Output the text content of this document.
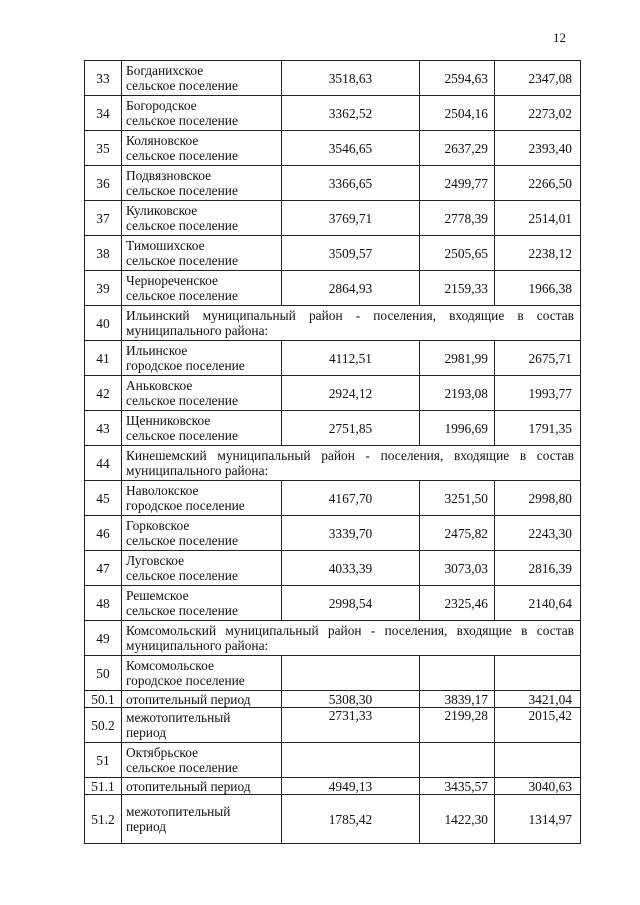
12
33	Богданихское
сельское поселение	3518,63	2594,63	2347,08
34	Богородское
сельское поселение	3362,52	2504,16	2273,02
35	Коляновское
сельское поселение	3546,65	2637,29	2393,40
36	Подвязновское
сельское поселение	3366,65	2499,77	2266,50
37	Куликовское
сельское поселение	3769,71	2778,39	2514,01
38	Тимошихское
сельское поселение	3509,57	2505,65	2238,12
39	Чернореченское
сельское поселение	2864,93	2159,33	1966,38
40	Ильинский муниципальный район - поселения, входящие в состав муниципального района:			
41	Ильинское
городское поселение	4112,51	2981,99	2675,71
42	Аньковское
сельское поселение	2924,12	2193,08	1993,77
43	Щенниковское
сельское поселение	2751,85	1996,69	1791,35
44	Кинешемский муниципальный район - поселения, входящие в состав муниципального района:			
45	Наволокское
городское поселение	4167,70	3251,50	2998,80
46	Горковское
сельское поселение	3339,70	2475,82	2243,30
47	Луговское
сельское поселение	4033,39	3073,03	2816,39
48	Решемское
сельское поселение	2998,54	2325,46	2140,64
49	Комсомольский муниципальный район - поселения, входящие в состав муниципального района:			
50	Комсомольское
городское поселение			
50.1	отопительный период	5308,30	3839,17	3421,04
50.2	межотопительный
период	2731,33	2199,28	2015,42
51	Октябрьское
сельское поселение			
51.1	отопительный период	4949,13	3435,57	3040,63
51.2	межотопительный
период	1785,42	1422,30	1314,97
